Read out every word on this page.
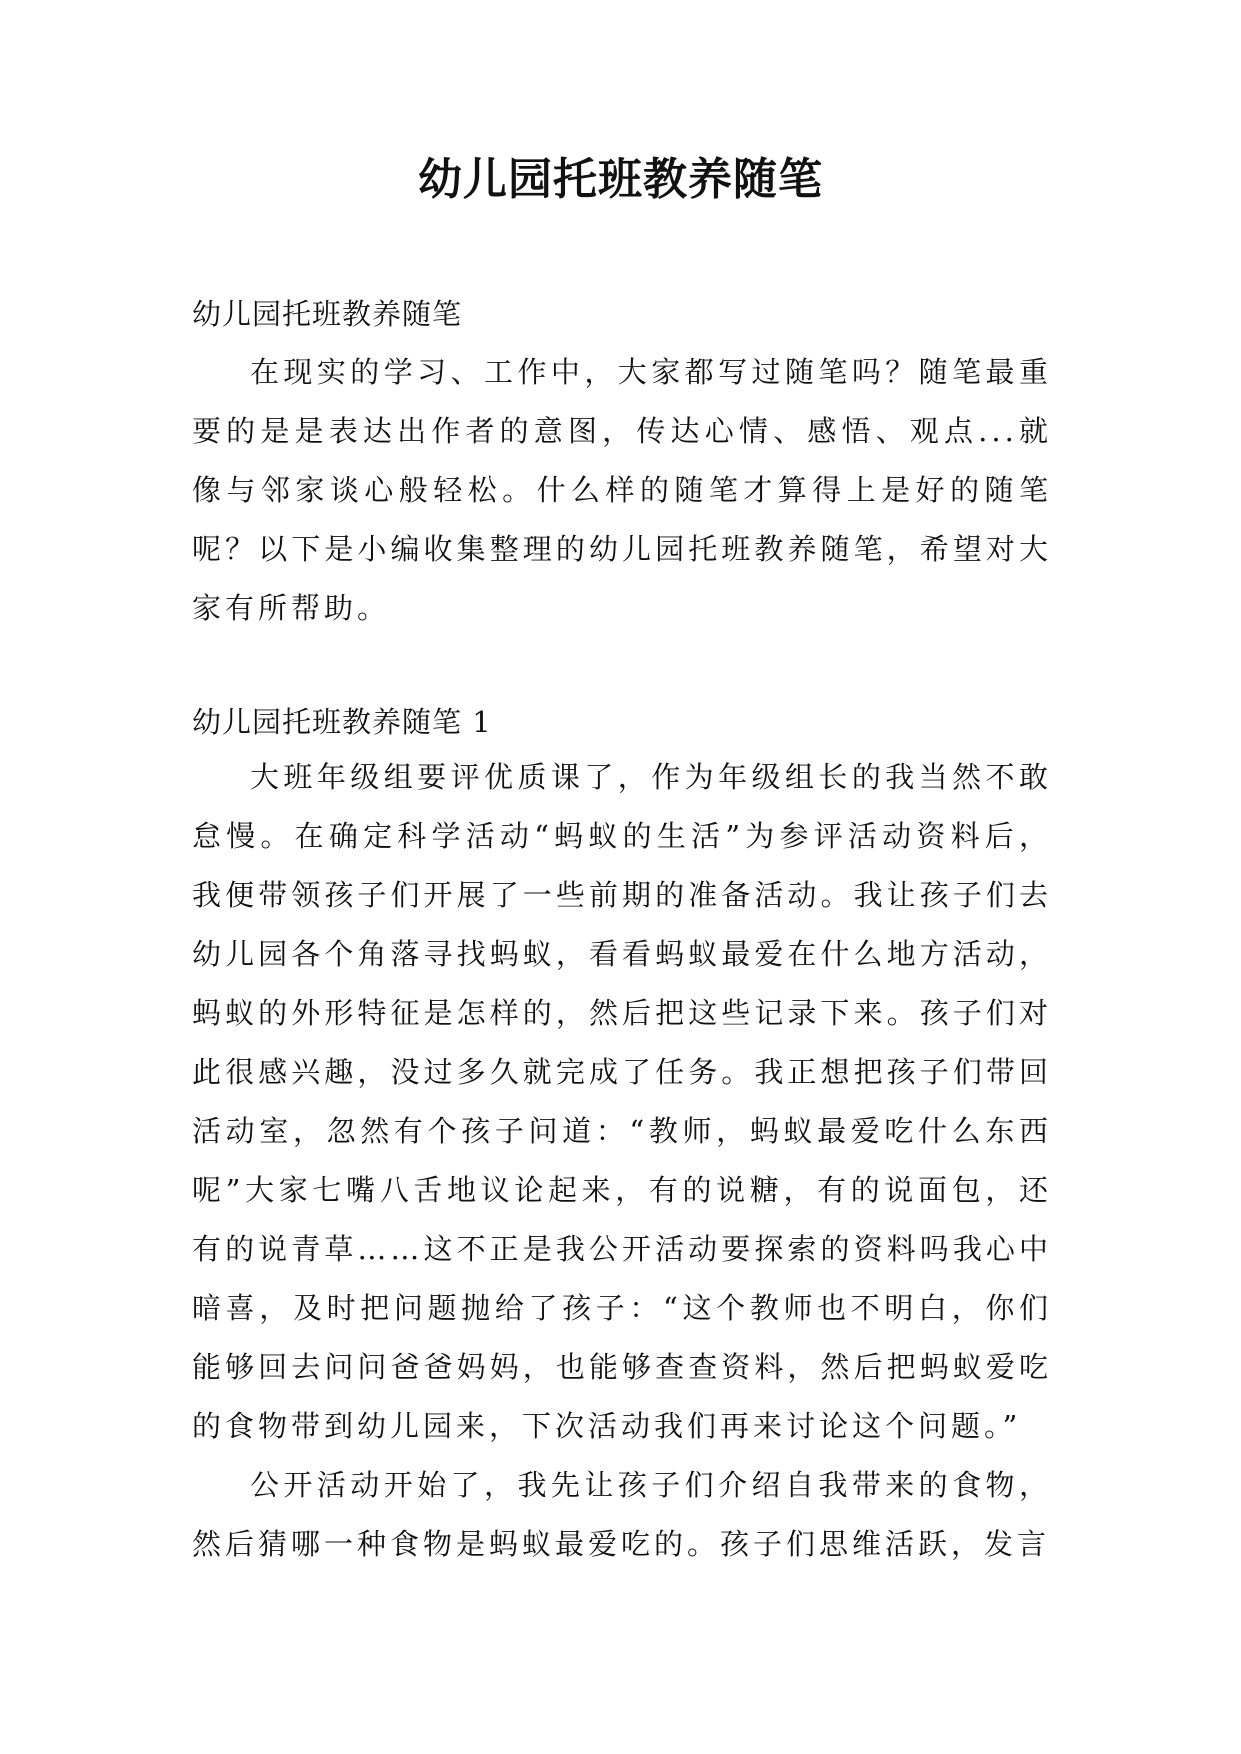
幼儿园托班教养随笔

幼儿园托班教养随笔

在现实的学习、工作中，大家都写过随笔吗？随笔最重要的是是表达出作者的意图，传达心情、感悟、观点...就像与邻家谈心般轻松。什么样的随笔才算得上是好的随笔呢？以下是小编收集整理的幼儿园托班教养随笔，希望对大家有所帮助。

幼儿园托班教养随笔 1

大班年级组要评优质课了，作为年级组长的我当然不敢怠慢。在确定科学活动“蚂蚁的生活”为参评活动资料后，我便带领孩子们开展了一些前期的准备活动。我让孩子们去幼儿园各个角落寻找蚂蚁，看看蚂蚁最爱在什么地方活动，蚂蚁的外形特征是怎样的，然后把这些记录下来。孩子们对此很感兴趣，没过多久就完成了任务。我正想把孩子们带回活动室，忽然有个孩子问道：“教师，蚂蚁最爱吃什么东西呢”大家七嘴八舌地议论起来，有的说糖，有的说面包，还有的说青草……这不正是我公开活动要探索的资料吗我心中暗喜，及时把问题抛给了孩子：“这个教师也不明白，你们能够回去问问爸爸妈妈，也能够查查资料，然后把蚂蚁爱吃的食物带到幼儿园来，下次活动我们再来讨论这个问题。”

公开活动开始了，我先让孩子们介绍自我带来的食物，然后猜哪一种食物是蚂蚁最爱吃的。孩子们思维活跃，发言
